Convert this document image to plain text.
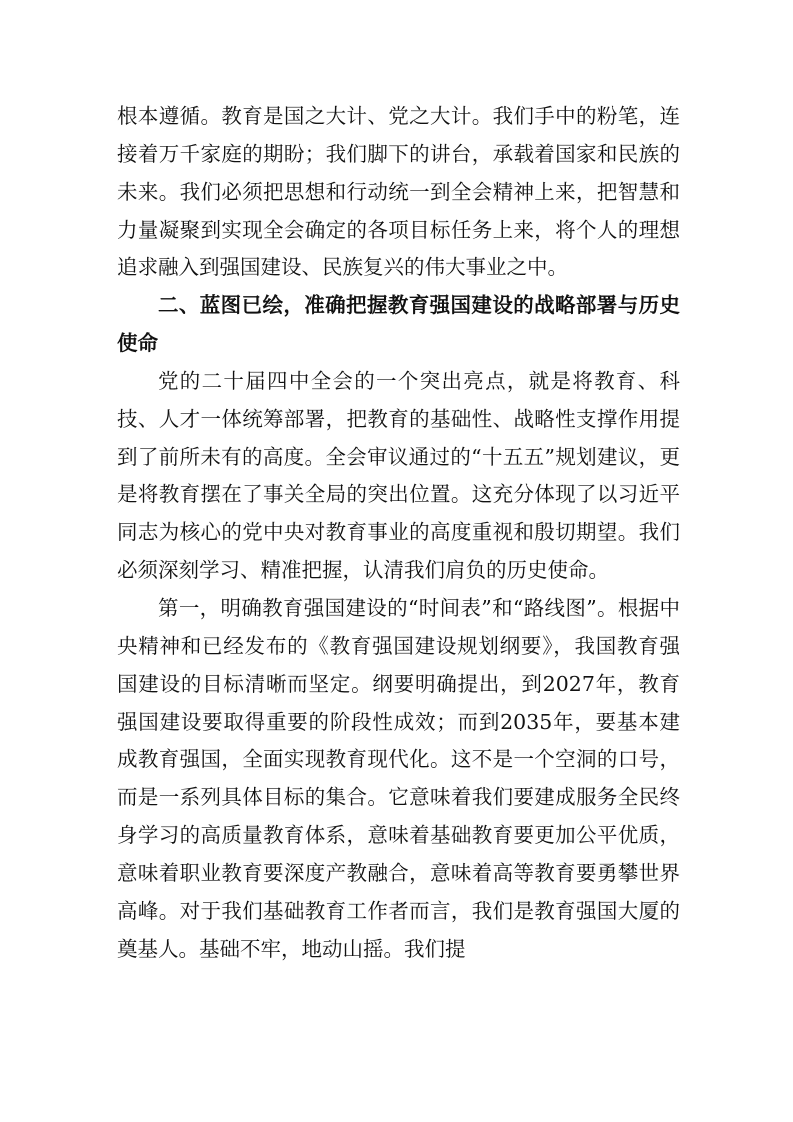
根本遵循。教育是国之大计、党之大计。我们手中的粉笔，连接着万千家庭的期盼；我们脚下的讲台，承载着国家和民族的未来。我们必须把思想和行动统一到全会精神上来，把智慧和力量凝聚到实现全会确定的各项目标任务上来，将个人的理想追求融入到强国建设、民族复兴的伟大事业之中。

二、蓝图已绘，准确把握教育强国建设的战略部署与历史使命

党的二十届四中全会的一个突出亮点，就是将教育、科技、人才一体统筹部署，把教育的基础性、战略性支撑作用提到了前所未有的高度。全会审议通过的“十五五”规划建议，更是将教育摆在了事关全局的突出位置。这充分体现了以习近平同志为核心的党中央对教育事业的高度重视和殷切期望。我们必须深刻学习、精准把握，认清我们肩负的历史使命。

第一，明确教育强国建设的“时间表”和“路线图”。根据中央精神和已经发布的《教育强国建设规划纲要》，我国教育强国建设的目标清晰而坚定。纲要明确提出，到2027年，教育强国建设要取得重要的阶段性成效；而到2035年，要基本建成教育强国，全面实现教育现代化。这不是一个空洞的口号，而是一系列具体目标的集合。它意味着我们要建成服务全民终身学习的高质量教育体系，意味着基础教育要更加公平优质，意味着职业教育要深度产教融合，意味着高等教育要勇攀世界高峰。对于我们基础教育工作者而言，我们是教育强国大厦的奠基人。基础不牢，地动山摇。我们提
